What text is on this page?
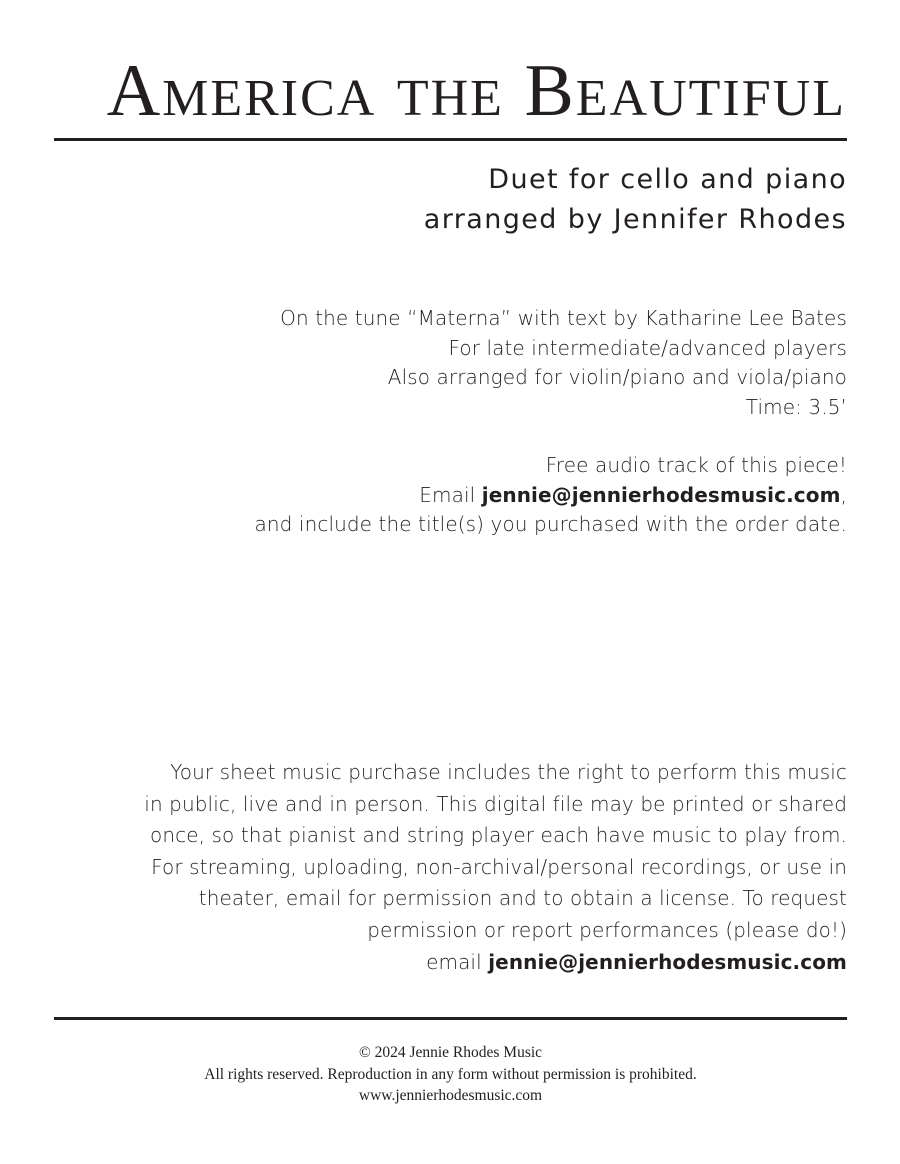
America the Beautiful
Duet for cello and piano
arranged by Jennifer Rhodes
On the tune “Materna” with text by Katharine Lee Bates
For late intermediate/advanced players
Also arranged for violin/piano and viola/piano
Time: 3.5’
Free audio track of this piece!
Email jennie@jennierhodesmusic.com,
and include the title(s) you purchased with the order date.
Your sheet music purchase includes the right to perform this music
in public, live and in person. This digital file may be printed or shared
once, so that pianist and string player each have music to play from.
For streaming, uploading, non-archival/personal recordings, or use in
theater, email for permission and to obtain a license. To request
permission or report performances (please do!)
email jennie@jennierhodesmusic.com
© 2024 Jennie Rhodes Music
All rights reserved. Reproduction in any form without permission is prohibited.
www.jennierhodesmusic.com
